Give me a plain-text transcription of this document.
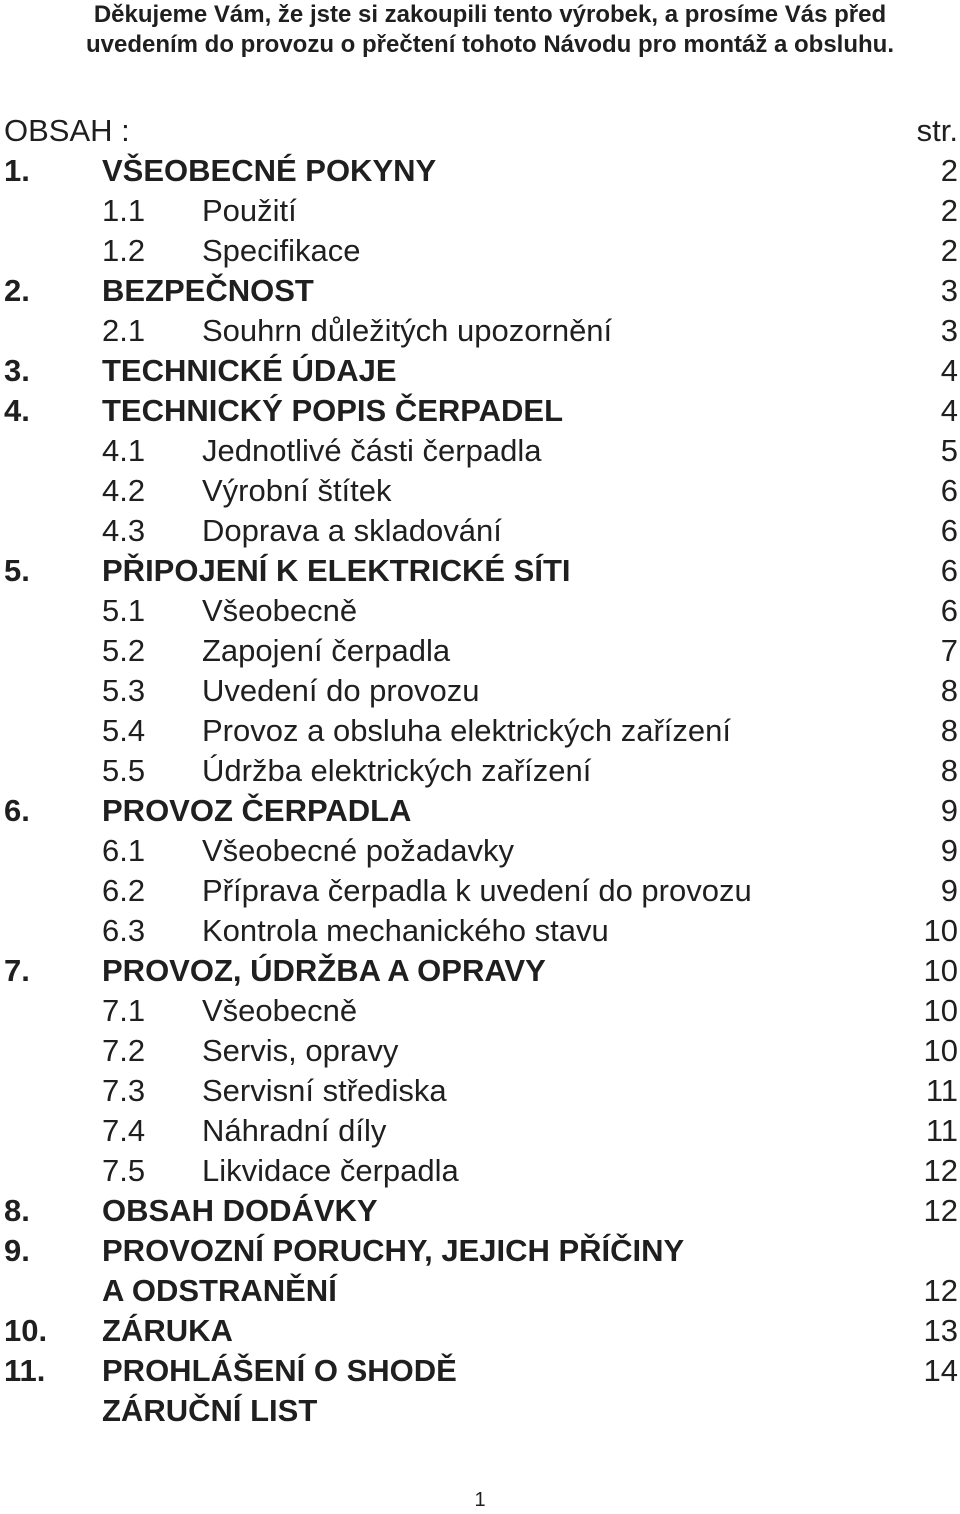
Děkujeme Vám, že jste si zakoupili tento výrobek, a prosíme Vás před
uvedením do provozu o přečtení tohoto Návodu pro montáž a obsluhu.
OBSAH :	str.
1. VŠEOBECNÉ POKYNY	2
1.1 Použití	2
1.2 Specifikace	2
2. BEZPEČNOST	3
2.1 Souhrn důležitých upozornění	3
3. TECHNICKÉ ÚDAJE	4
4. TECHNICKÝ POPIS ČERPADEL	4
4.1 Jednotlivé části čerpadla	5
4.2 Výrobní štítek	6
4.3 Doprava a skladování	6
5. PŘIPOJENÍ K ELEKTRICKÉ SÍTI	6
5.1 Všeobecně	6
5.2 Zapojení čerpadla	7
5.3 Uvedení do provozu	8
5.4 Provoz a obsluha elektrických zařízení	8
5.5 Údržba elektrických zařízení	8
6. PROVOZ ČERPADLA	9
6.1 Všeobecné požadavky	9
6.2 Příprava čerpadla k uvedení do provozu	9
6.3 Kontrola mechanického stavu	10
7. PROVOZ, ÚDRŽBA A OPRAVY	10
7.1 Všeobecně	10
7.2 Servis, opravy	10
7.3 Servisní střediska	11
7.4 Náhradní díly	11
7.5 Likvidace čerpadla	12
8. OBSAH DODÁVKY	12
9. PROVOZNÍ PORUCHY, JEJICH PŘÍČINY
A ODSTRANĚNÍ	12
10. ZÁRUKA	13
11. PROHLÁŠENÍ O SHODĚ	14
ZÁRUČNÍ LIST
1
